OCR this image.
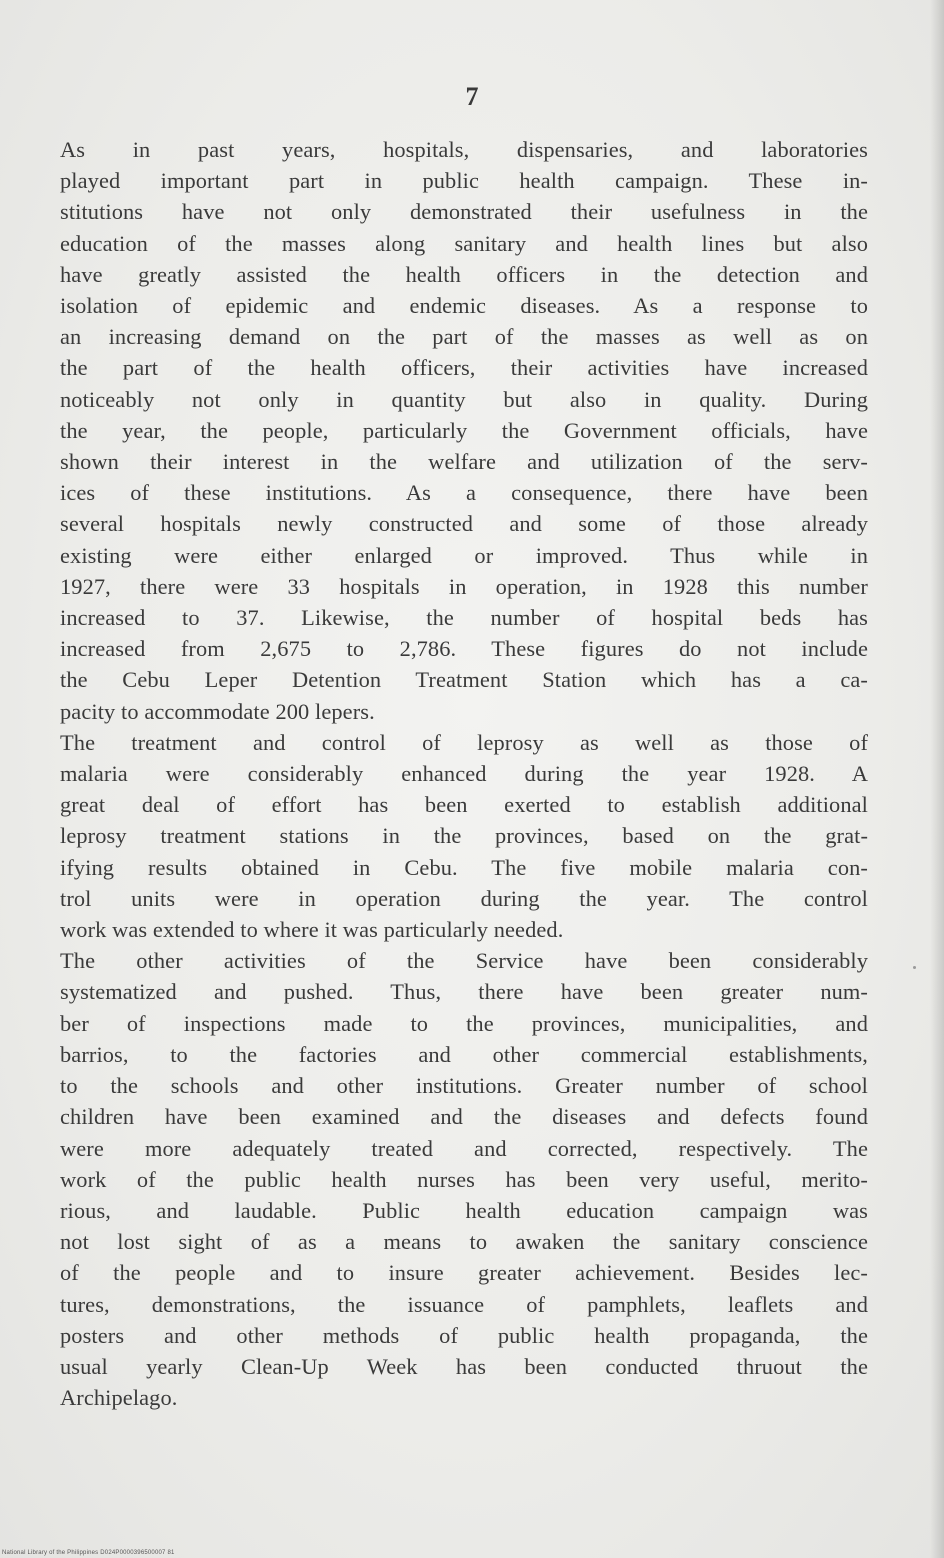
7

As in past years, hospitals, dispensaries, and laboratories
played important part in public health campaign. These in-
stitutions have not only demonstrated their usefulness in the
education of the masses along sanitary and health lines but also
have greatly assisted the health officers in the detection and
isolation of epidemic and endemic diseases. As a response to
an increasing demand on the part of the masses as well as on
the part of the health officers, their activities have increased
noticeably not only in quantity but also in quality. During
the year, the people, particularly the Government officials, have
shown their interest in the welfare and utilization of the serv-
ices of these institutions. As a consequence, there have been
several hospitals newly constructed and some of those already
existing were either enlarged or improved. Thus while in
1927, there were 33 hospitals in operation, in 1928 this number
increased to 37. Likewise, the number of hospital beds has
increased from 2,675 to 2,786. These figures do not include
the Cebu Leper Detention Treatment Station which has a ca-
pacity to accommodate 200 lepers.

The treatment and control of leprosy as well as those of
malaria were considerably enhanced during the year 1928. A
great deal of effort has been exerted to establish additional
leprosy treatment stations in the provinces, based on the grat-
ifying results obtained in Cebu. The five mobile malaria con-
trol units were in operation during the year. The control
work was extended to where it was particularly needed.

The other activities of the Service have been considerably
systematized and pushed. Thus, there have been greater num-
ber of inspections made to the provinces, municipalities, and
barrios, to the factories and other commercial establishments,
to the schools and other institutions. Greater number of school
children have been examined and the diseases and defects found
were more adequately treated and corrected, respectively. The
work of the public health nurses has been very useful, merito-
rious, and laudable. Public health education campaign was
not lost sight of as a means to awaken the sanitary conscience
of the people and to insure greater achievement. Besides lec-
tures, demonstrations, the issuance of pamphlets, leaflets and
posters and other methods of public health propaganda, the
usual yearly Clean-Up Week has been conducted thruout the
Archipelago.

National Library of the Philippines D024P0000396500007 81
